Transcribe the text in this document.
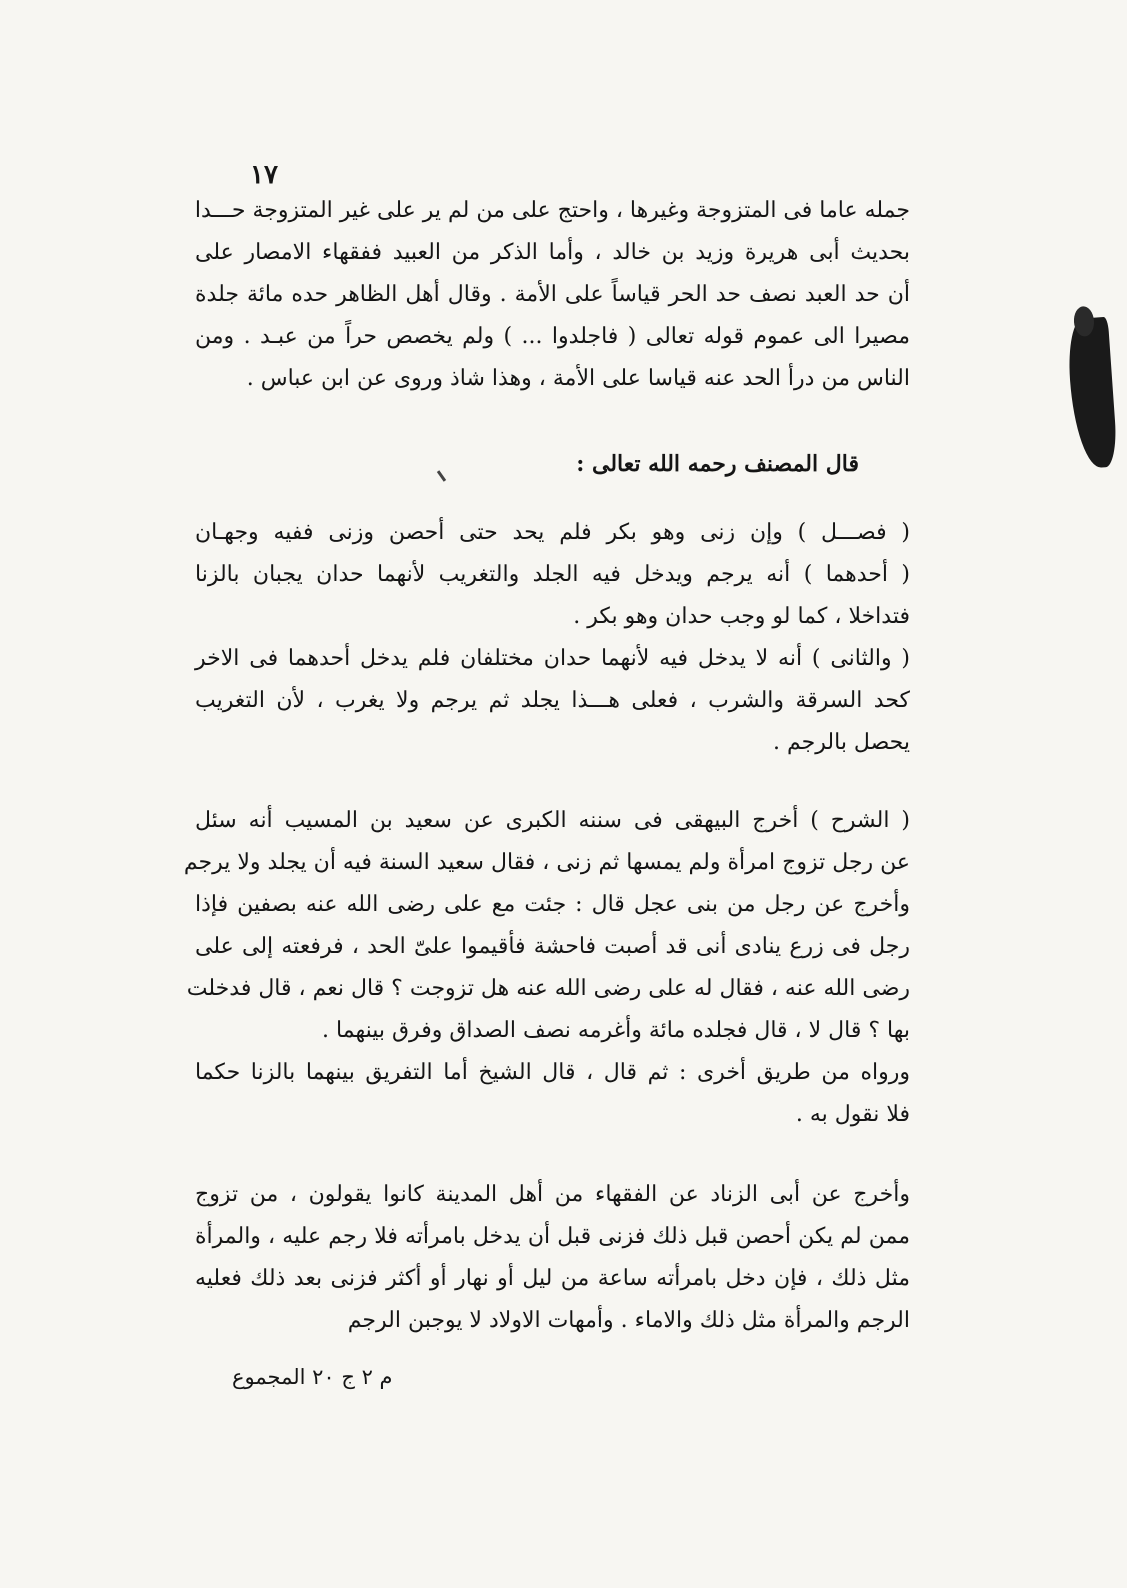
١٧
جمله عاما فى المتزوجة وغيرها ، واحتج على من لم ير على غير المتزوجة حـــدا
بحديث أبى هريرة وزيد بن خالد ، وأما الذكر من العبيد ففقهاء الامصار على
أن حد العبد نصف حد الحر قياساً على الأمة . وقال أهل الظاهر حده مائة جلدة
مصيرا الى عموم قوله تعالى ( فاجلدوا ... ) ولم يخصص حراً من عبـد . ومن
الناس من درأ الحد عنه قياسا على الأمة ، وهذا شاذ وروى عن ابن عباس .
قال المصنف رحمه الله تعالى :
( فصـــل ) وإن زنى وهو بكر فلم يحد حتى أحصن وزنى ففيه وجهـان
( أحدهما ) أنه يرجم ويدخل فيه الجلد والتغريب لأنهما حدان يجبان بالزنا
فتداخلا ، كما لو وجب حدان وهو بكر .
( والثانى ) أنه لا يدخل فيه لأنهما حدان مختلفان فلم يدخل أحدهما فى الاخر
كحد السرقة والشرب ، فعلى هـــذا يجلد ثم يرجم ولا يغرب ، لأن التغريب
يحصل بالرجم .
( الشرح ) أخرج البيهقى فى سننه الكبرى عن سعيد بن المسيب أنه سئل
عن رجل تزوج امرأة ولم يمسها ثم زنى ، فقال سعيد السنة فيه أن يجلد ولا يرجم
وأخرج عن رجل من بنى عجل قال : جئت مع على رضى الله عنه بصفين فإذا
رجل فى زرع ينادى أنى قد أصبت فاحشة فأقيموا علىّ الحد ، فرفعته إلى على
رضى الله عنه ، فقال له على رضى الله عنه هل تزوجت ؟ قال نعم ، قال فدخلت
بها ؟ قال لا ، قال فجلده مائة وأغرمه نصف الصداق وفرق بينهما .
ورواه من طريق أخرى : ثم قال ، قال الشيخ أما التفريق بينهما بالزنا حكما
فلا نقول به .
وأخرج عن أبى الزناد عن الفقهاء من أهل المدينة كانوا يقولون ، من تزوج
ممن لم يكن أحصن قبل ذلك فزنى قبل أن يدخل بامرأته فلا رجم عليه ، والمرأة
مثل ذلك ، فإن دخل بامرأته ساعة من ليل أو نهار أو أكثر فزنى بعد ذلك فعليه
الرجم والمرأة مثل ذلك والاماء . وأمهات الاولاد لا يوجبن الرجم
م ٢ ج ٢٠ المجموع
